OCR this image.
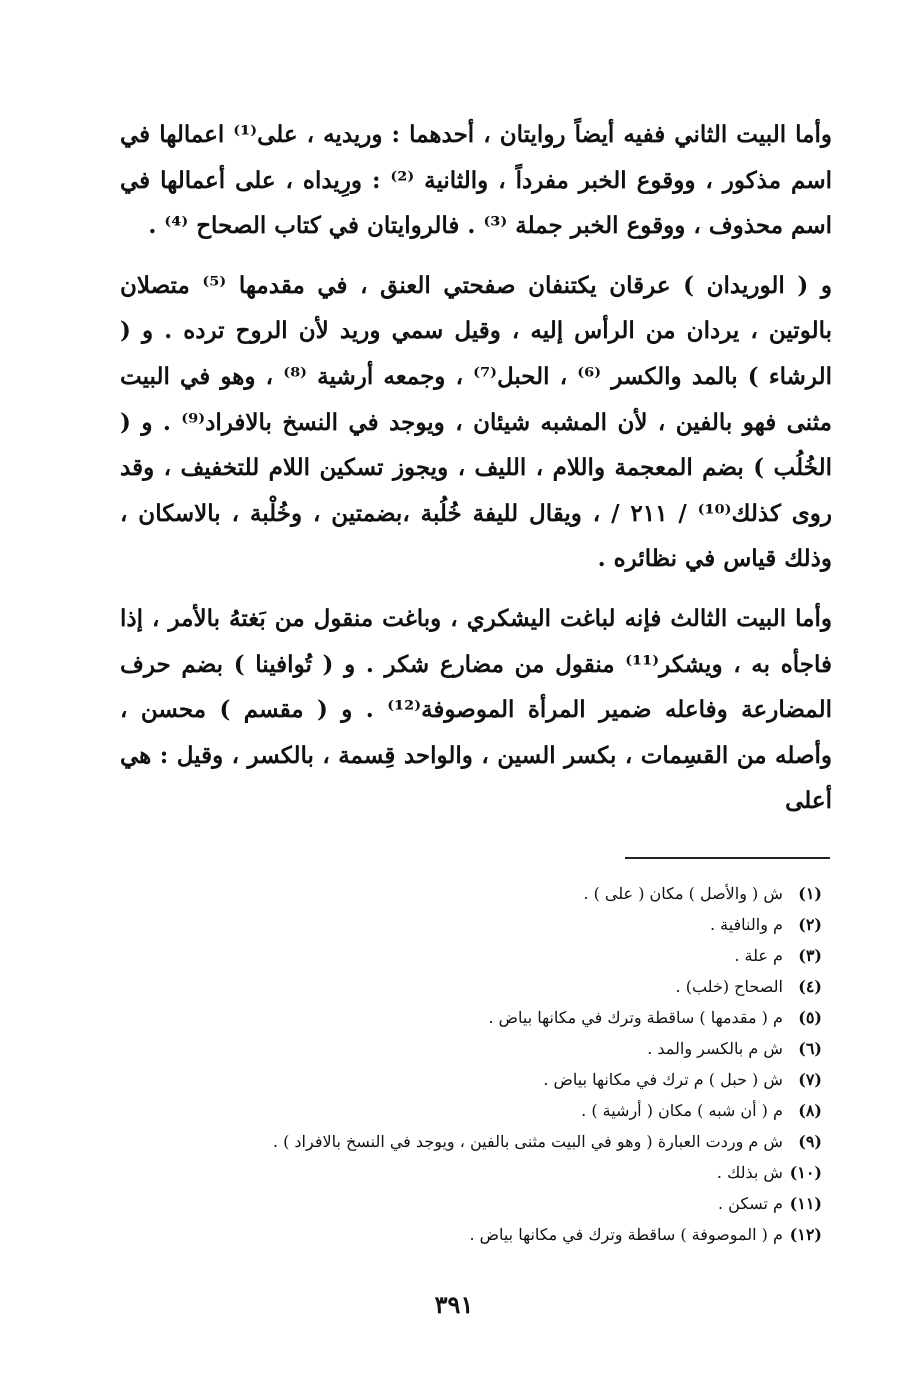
وأما البيت الثاني ففيه أيضاً روايتان ، أحدهما : وريديه ، على⁽¹⁾ اعمالها في اسم مذكور ، ووقوع الخبر مفرداً ، والثانية ⁽²⁾ : ورِيداه ، على أعمالها في اسم محذوف ، ووقوع الخبر جملة ⁽³⁾ . فالروايتان في كتاب الصحاح ⁽⁴⁾ .

و ( الوريدان ) عرقان يكتنفان صفحتي العنق ، في مقدمها ⁽⁵⁾ متصلان بالوتين ، يردان من الرأس إليه ، وقيل سمي وريد لأن الروح ترده . و ( الرشاء ) بالمد والكسر ⁽⁶⁾ ، الحبل⁽⁷⁾ ، وجمعه أرشية ⁽⁸⁾ ، وهو في البيت مثنى فهو بالفين ، لأن المشبه شيئان ، ويوجد في النسخ بالافراد⁽⁹⁾ . و ( الخُلُب ) بضم المعجمة واللام ، الليف ، ويجوز تسكين اللام للتخفيف ، وقد روى كذلك⁽¹⁰⁾ / ٢١١ / ، ويقال لليفة خُلُبة ،بضمتين ، وخُلْبة ، بالاسكان ، وذلك قياس في نظائره .

وأما البيت الثالث فإنه لباغت اليشكري ، وباغت منقول من بَغتهُ بالأمر ، إذا فاجأه به ، ويشكر⁽¹¹⁾ منقول من مضارع شكر . و ( تُوافينا ) بضم حرف المضارعة وفاعله ضمير المرأة الموصوفة⁽¹²⁾ . و ( مقسم ) محسن ، وأصله من القسِمات ، بكسر السين ، والواحد قِسمة ، بالكسر ، وقيل : هي أعلى

(١) ش ( والأصل ) مكان ( على ) .
(٢) م والنافية .
(٣) م علة .
(٤) الصحاح (خلب) .
(٥) م ( مقدمها ) ساقطة وترك في مكانها بياض .
(٦) ش م بالكسر والمد .
(٧) ش ( حبل ) م ترك في مكانها بياض .
(٨) م ( أن شبه ) مكان ( أرشية ) .
(٩) ش م وردت العبارة ( وهو في البيت مثنى بالفين ، ويوجد في النسخ بالافراد ) .
(١٠) ش بذلك .
(١١) م تسكن .
(١٢) م ( الموصوفة ) ساقطة وترك في مكانها بياض .
٣٩١
